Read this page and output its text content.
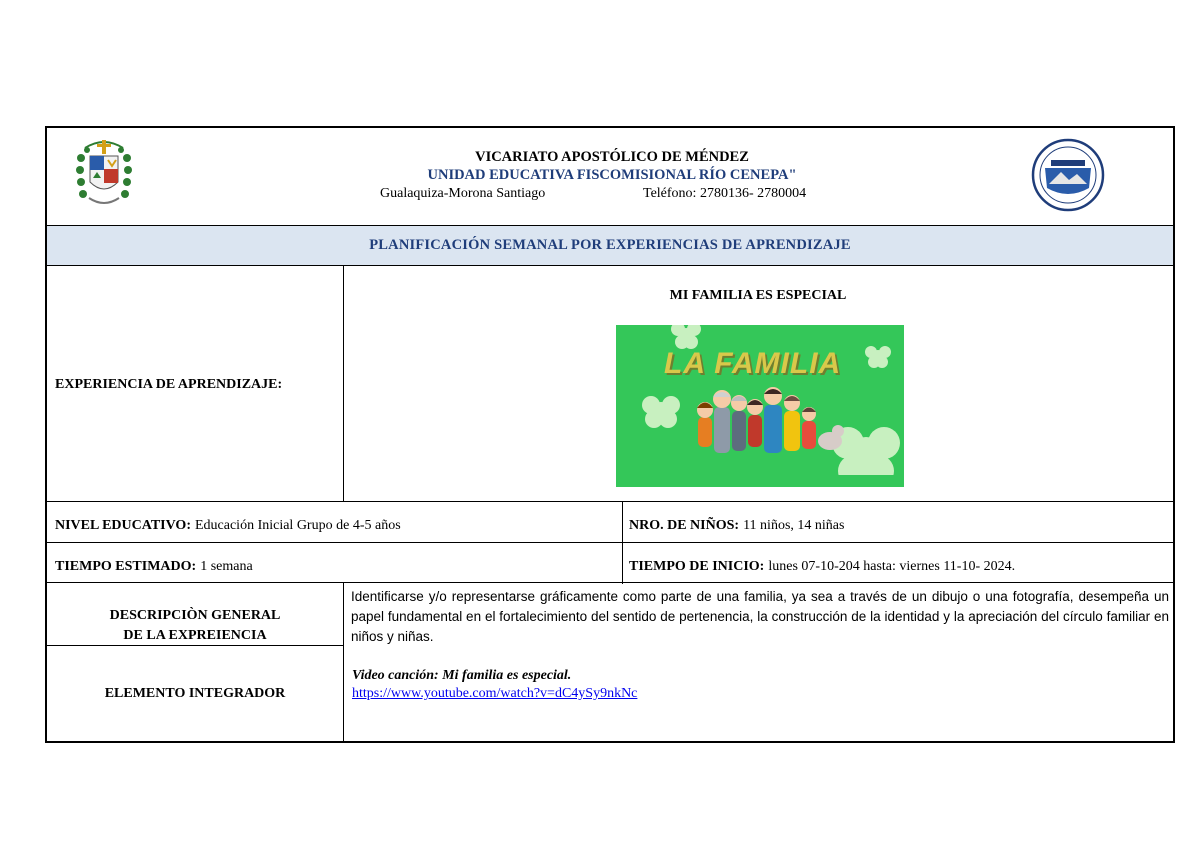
VICARIATO APOSTÓLICO DE MÉNDEZ
UNIDAD EDUCATIVA FISCOMISIONAL RÍO CENEPA"
Gualaquiza-Morona Santiago	Teléfono: 2780136- 2780004
PLANIFICACIÓN SEMANAL POR EXPERIENCIAS DE APRENDIZAJE
EXPERIENCIA DE APRENDIZAJE:
MI FAMILIA ES ESPECIAL
LA FAMILIA
NIVEL EDUCATIVO: Educación Inicial Grupo de 4-5 años	NRO. DE NIÑOS: 11 niños, 14 niñas
TIEMPO ESTIMADO: 1 semana	TIEMPO DE INICIO: lunes 07-10-204 hasta: viernes 11-10- 2024.
DESCRIPCIÒN GENERAL
DE LA EXPREIENCIA
Identificarse y/o representarse gráficamente como parte de una familia, ya sea a través de un dibujo o una fotografía, desempeña un papel fundamental en el fortalecimiento del sentido de pertenencia, la construcción de la identidad y la apreciación del círculo familiar en niños y niñas.
ELEMENTO INTEGRADOR
Video canción: Mi familia es especial.
https://www.youtube.com/watch?v=dC4ySy9nkNc
